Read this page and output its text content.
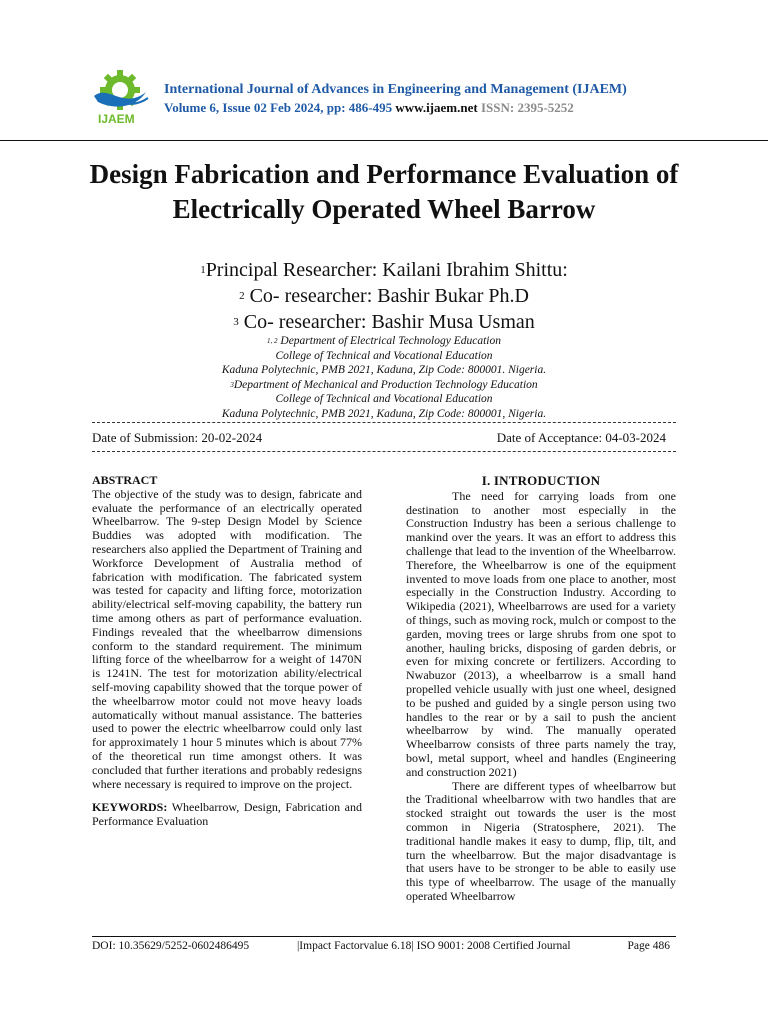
IJAEM
International Journal of Advances in Engineering and Management (IJAEM)
Volume 6, Issue 02 Feb 2024, pp: 486-495 www.ijaem.net ISSN: 2395-5252
Design Fabrication and Performance Evaluation of Electrically Operated Wheel Barrow
$^1$Principal Researcher: Kailani Ibrahim Shittu:
$^2$ Co- researcher: Bashir Bukar Ph.D
$^3$ Co- researcher: Bashir Musa Usman
$^{1, 2}$ Department of Electrical Technology Education
College of Technical and Vocational Education
Kaduna Polytechnic, PMB 2021, Kaduna, Zip Code: 800001. Nigeria.
$^3$Department of Mechanical and Production Technology Education
College of Technical and Vocational Education
Kaduna Polytechnic, PMB 2021, Kaduna, Zip Code: 800001, Nigeria.
Date of Submission: 20-02-2024	Date of Acceptance: 04-03-2024
ABSTRACT

The objective of the study was to design, fabricate and evaluate the performance of an electrically operated Wheelbarrow. The 9-step Design Model by Science Buddies was adopted with modification. The researchers also applied the Department of Training and Workforce Development of Australia method of fabrication with modification. The fabricated system was tested for capacity and lifting force, motorization ability/electrical self-moving capability, the battery run time among others as part of performance evaluation. Findings revealed that the wheelbarrow dimensions conform to the standard requirement. The minimum lifting force of the wheelbarrow for a weight of 1470N is 1241N. The test for motorization ability/electrical self-moving capability showed that the torque power of the wheelbarrow motor could not move heavy loads automatically without manual assistance. The batteries used to power the electric wheelbarrow could only last for approximately 1 hour 5 minutes which is about 77% of the theoretical run time amongst others. It was concluded that further iterations and probably redesigns where necessary is required to improve on the project.

KEYWORDS: Wheelbarrow, Design, Fabrication and Performance Evaluation
I. INTRODUCTION

The need for carrying loads from one destination to another most especially in the Construction Industry has been a serious challenge to mankind over the years. It was an effort to address this challenge that lead to the invention of the Wheelbarrow. Therefore, the Wheelbarrow is one of the equipment invented to move loads from one place to another, most especially in the Construction Industry. According to Wikipedia (2021), Wheelbarrows are used for a variety of things, such as moving rock, mulch or compost to the garden, moving trees or large shrubs from one spot to another, hauling bricks, disposing of garden debris, or even for mixing concrete or fertilizers. According to Nwabuzor (2013), a wheelbarrow is a small hand propelled vehicle usually with just one wheel, designed to be pushed and guided by a single person using two handles to the rear or by a sail to push the ancient wheelbarrow by wind. The manually operated Wheelbarrow consists of three parts namely the tray, bowl, metal support, wheel and handles (Engineering and construction 2021)

There are different types of wheelbarrow but the Traditional wheelbarrow with two handles that are stocked straight out towards the user is the most common in Nigeria (Stratosphere, 2021). The traditional handle makes it easy to dump, flip, tilt, and turn the wheelbarrow. But the major disadvantage is that users have to be stronger to be able to easily use this type of wheelbarrow. The usage of the manually operated Wheelbarrow

DOI: 10.35629/5252-0602486495	|Impact Factorvalue 6.18| ISO 9001: 2008 Certified Journal	Page 486
